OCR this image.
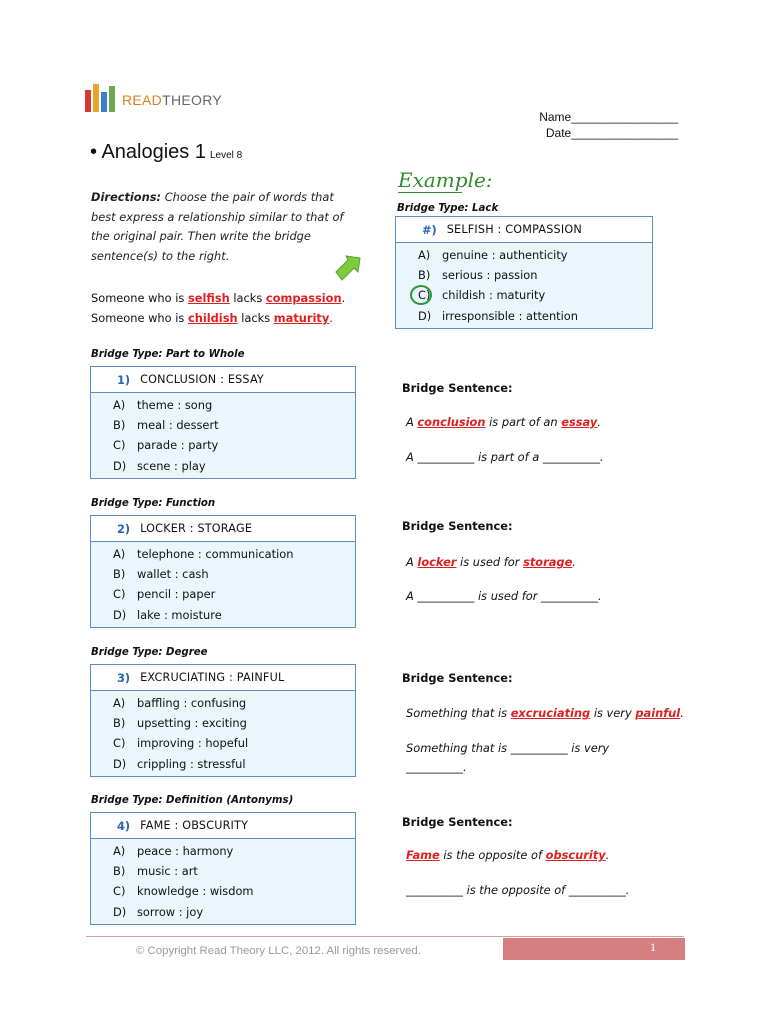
READTHEORY
Name________________
Date________________
• Analogies 1 Level 8
Directions: Choose the pair of words that best express a relationship similar to that of the original pair. Then write the bridge sentence(s) to the right.
Someone who is selfish lacks compassion.
Someone who is childish lacks maturity.
Example:
Bridge Type: Lack
#) SELFISH : COMPASSION
A) genuine : authenticity
B) serious : passion
C) childish : maturity
D) irresponsible : attention
Bridge Type: Part to Whole
1) CONCLUSION : ESSAY
A) theme : song
B) meal : dessert
C) parade : party
D) scene : play
Bridge Sentence:
A conclusion is part of an essay.
A __________ is part of a __________.
Bridge Type: Function
2) LOCKER : STORAGE
A) telephone : communication
B) wallet : cash
C) pencil : paper
D) lake : moisture
Bridge Sentence:
A locker is used for storage.
A __________ is used for __________.
Bridge Type: Degree
3) EXCRUCIATING : PAINFUL
A) baffling : confusing
B) upsetting : exciting
C) improving : hopeful
D) crippling : stressful
Bridge Sentence:
Something that is excruciating is very painful.
Something that is __________ is very
__________.
Bridge Type: Definition (Antonyms)
4) FAME : OBSCURITY
A) peace : harmony
B) music : art
C) knowledge : wisdom
D) sorrow : joy
Bridge Sentence:
Fame is the opposite of obscurity.
__________ is the opposite of __________.
© Copyright Read Theory LLC, 2012. All rights reserved.	1
